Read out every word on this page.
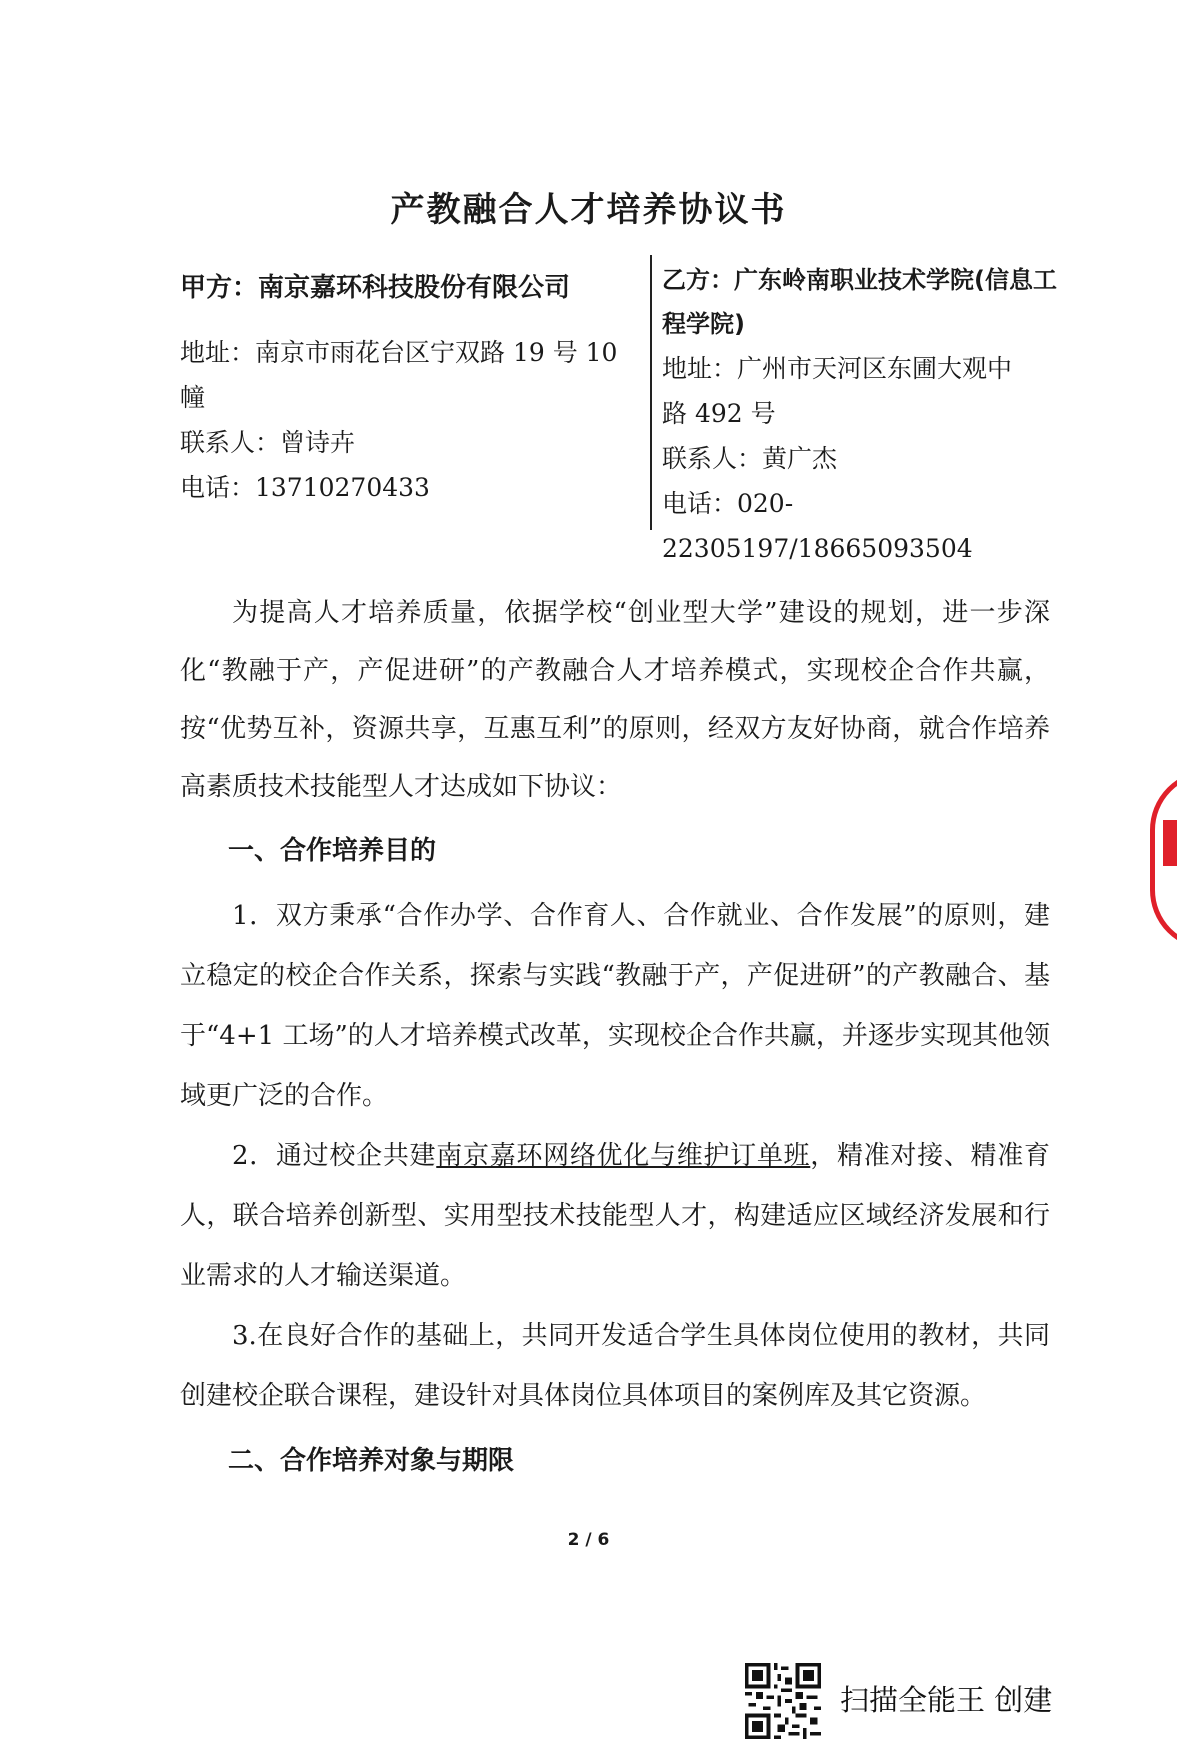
产教融合人才培养协议书
甲方：南京嘉环科技股份有限公司
地址：南京市雨花台区宁双路 19 号 10
幢
联系人：曾诗卉
电话：13710270433
乙方：广东岭南职业技术学院(信息工
程学院)
地址：广州市天河区东圃大观中
路 492 号
联系人：黄广杰
电话：020-22305197/18665093504

为提高人才培养质量，依据学校“创业型大学”建设的规划，进一步深化“教融于产，产促进研”的产教融合人才培养模式，实现校企合作共赢，按“优势互补，资源共享，互惠互利”的原则，经双方友好协商，就合作培养高素质技术技能型人才达成如下协议：

一、合作培养目的

1．双方秉承“合作办学、合作育人、合作就业、合作发展”的原则，建立稳定的校企合作关系，探索与实践“教融于产，产促进研”的产教融合、基于“4+1 工场”的人才培养模式改革，实现校企合作共赢，并逐步实现其他领域更广泛的合作。

2．通过校企共建南京嘉环网络优化与维护订单班，精准对接、精准育人，联合培养创新型、实用型技术技能型人才，构建适应区域经济发展和行业需求的人才输送渠道。

3.在良好合作的基础上，共同开发适合学生具体岗位使用的教材，共同创建校企联合课程，建设针对具体岗位具体项目的案例库及其它资源。

二、合作培养对象与期限
2 / 6
扫描全能王 创建
